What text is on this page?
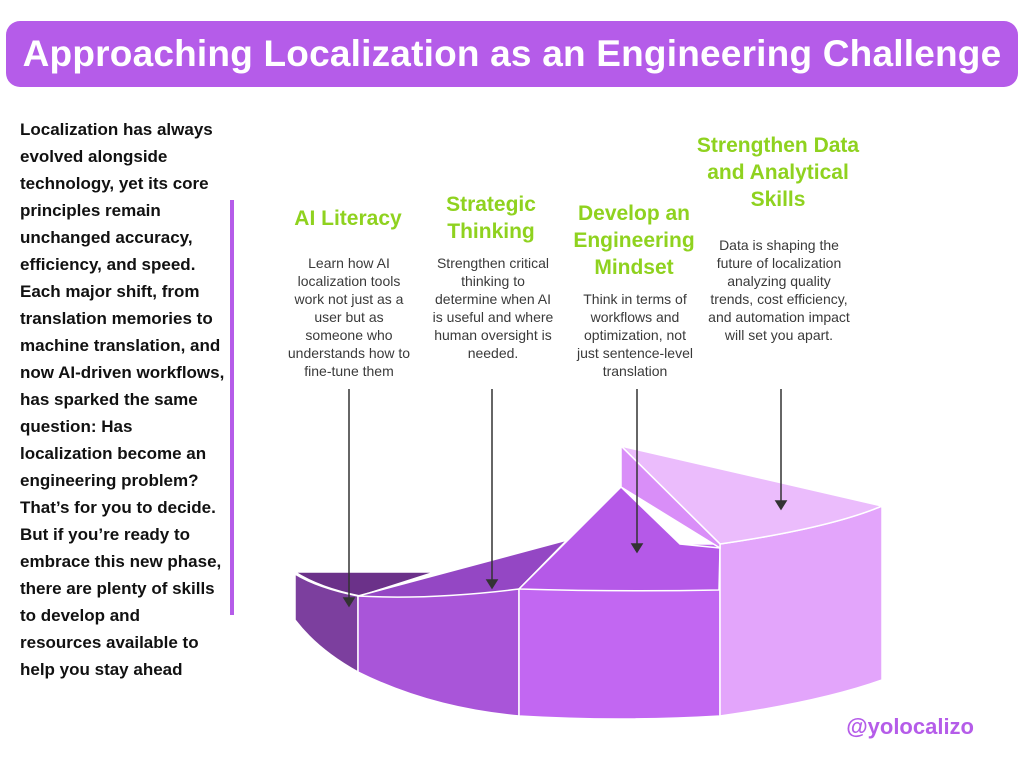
Approaching Localization as an Engineering Challenge
Localization has always evolved alongside technology, yet its core principles remain unchanged accuracy, efficiency, and speed. Each major shift, from translation memories to machine translation, and now AI-driven workflows, has sparked the same question: Has localization become an engineering problem? That’s for you to decide. But if you’re ready to embrace this new phase, there are plenty of skills to develop and resources available to help you stay ahead
AI Literacy
Learn how AI localization tools work not just as a user but as someone who understands how to fine-tune them
Strategic Thinking
Strengthen critical thinking to determine when AI is useful and where human oversight is needed.
Develop an Engineering Mindset
Think in terms of workflows and optimization, not just sentence-level translation
Strengthen Data and Analytical Skills
Data is shaping the future of localization analyzing quality trends, cost efficiency, and automation impact will set you apart.
@yolocalizo
